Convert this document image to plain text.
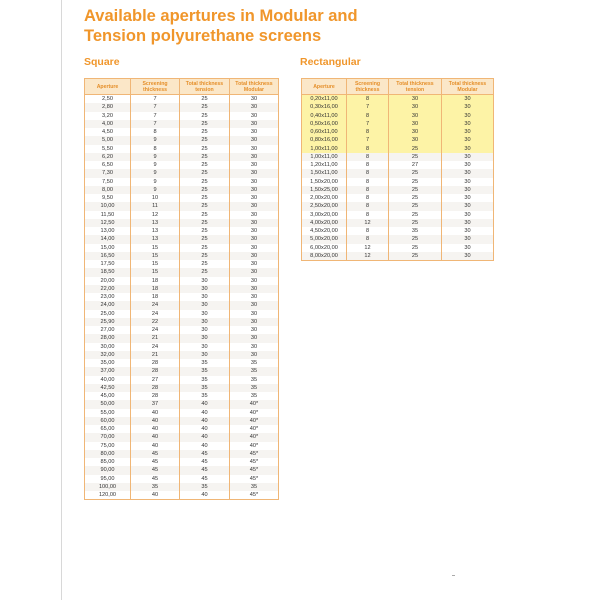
Available apertures in Modular and
Tension polyurethane screens
Square	Rectangular
Aperture	Screening thickness	Total thickness tension	Total thickness Modular
2,50	7	25	30
2,80	7	25	30
3,20	7	25	30
4,00	7	25	30
4,50	8	25	30
5,00	9	25	30
5,50	8	25	30
6,20	9	25	30
6,50	9	25	30
7,30	9	25	30
7,50	9	25	30
8,00	9	25	30
9,50	10	25	30
10,00	11	25	30
11,50	12	25	30
12,50	13	25	30
13,00	13	25	30
14,00	13	25	30
15,00	15	25	30
16,50	15	25	30
17,50	15	25	30
18,50	15	25	30
20,00	18	30	30
22,00	18	30	30
23,00	18	30	30
24,00	24	30	30
25,00	24	30	30
25,90	22	30	30
27,00	24	30	30
28,00	21	30	30
30,00	24	30	30
32,00	21	30	30
35,00	28	35	35
37,00	28	35	35
40,00	27	35	35
42,50	28	35	35
45,00	28	35	35
50,00	37	40	40*
55,00	40	40	40*
60,00	40	40	40*
65,00	40	40	40*
70,00	40	40	40*
75,00	40	40	40*
80,00	45	45	45*
85,00	45	45	45*
90,00	45	45	45*
95,00	45	45	45*
100,00	35	35	35
120,00	40	40	45*
Aperture	Screening thickness	Total thickness tension	Total thickness Modular
0,20x11,00	8	30	30
0,30x16,00	7	30	30
0,40x11,00	8	30	30
0,50x16,00	7	30	30
0,60x11,00	8	30	30
0,80x16,00	7	30	30
1,00x11,00	8	25	30
1,00x11,00	8	25	30
1,20x11,00	8	27	30
1,50x11,00	8	25	30
1,50x20,00	8	25	30
1,50x25,00	8	25	30
2,00x20,00	8	25	30
2,50x20,00	8	25	30
3,00x20,00	8	25	30
4,00x20,00	12	25	30
4,50x20,00	8	35	30
5,00x20,00	8	25	30
6,00x20,00	12	25	30
8,00x20,00	12	25	30
